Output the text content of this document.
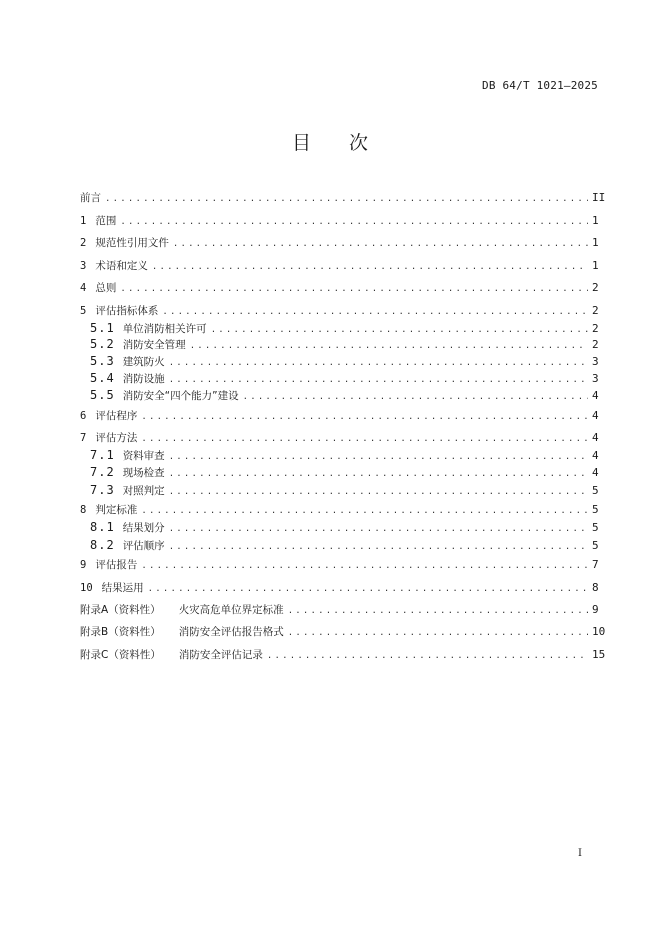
DB 64/T 1021—2025
目 次
前言 .....	II
1 范围 .....	1
2 规范性引用文件 .....	1
3 术语和定义 .....	1
4 总则 .....	2
5 评估指标体系 .....	2
5.1 单位消防相关许可 .....	2
5.2 消防安全管理 .....	2
5.3 建筑防火 .....	3
5.4 消防设施 .....	3
5.5 消防安全“四个能力”建设 .....	4
6 评估程序 .....	4
7 评估方法 .....	4
7.1 资料审查 .....	4
7.2 现场检查 .....	4
7.3 对照判定 .....	5
8 判定标准 .....	5
8.1 结果划分 .....	5
8.2 评估顺序 .....	5
9 评估报告 .....	7
10 结果运用 .....	8
附录A（资料性） 火灾高危单位界定标准 .....	9
附录B（资料性） 消防安全评估报告格式 .....	10
附录C（资料性） 消防安全评估记录 .....	15
I
